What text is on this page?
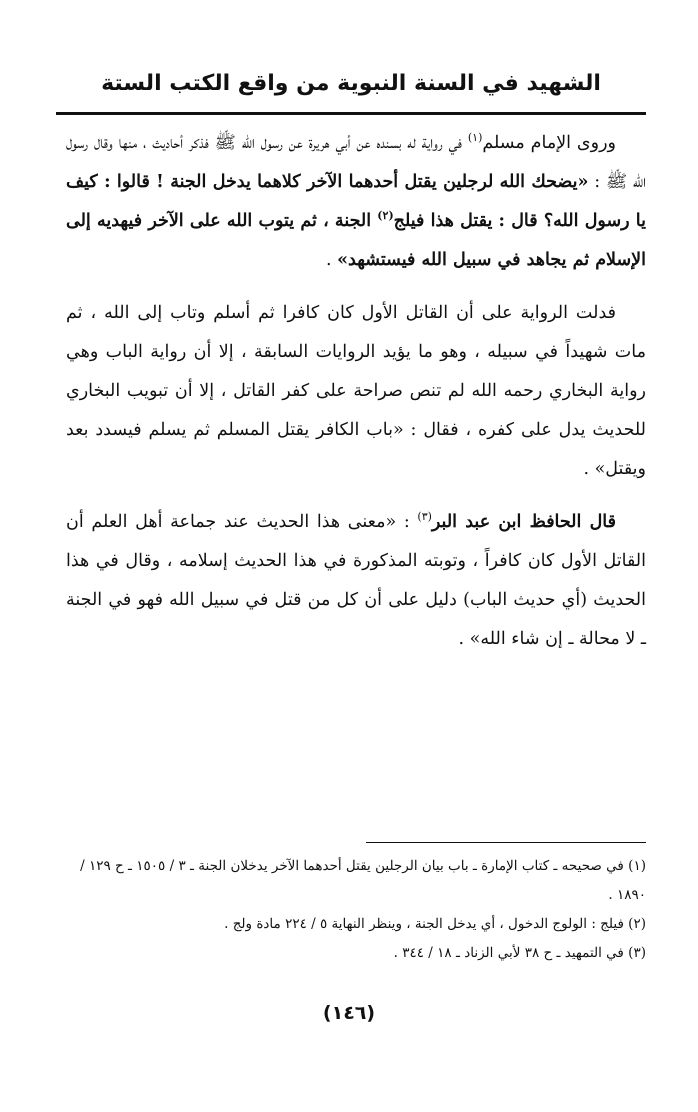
الشهيد في السنة النبوية من واقع الكتب الستة

وروى الإمام مسلم$^{(١)}$ في رواية له بسنده عن أبي هريرة عن رسول الله ﷺ فذكر أحاديث ، منها وقال رسول الله ﷺ : «يضحك الله لرجلين يقتل أحدهما الآخر كلاهما يدخل الجنة ! قالوا : كيف يا رسول الله؟ قال : يقتل هذا فيلج$^{(٢)}$ الجنة ، ثم يتوب الله على الآخر فيهديه إلى الإسلام ثم يجاهد في سبيل الله فيستشهد» .

فدلت الرواية على أن القاتل الأول كان كافرا ثم أسلم وتاب إلى الله ، ثم مات شهيداً في سبيله ، وهو ما يؤيد الروايات السابقة ، إلا أن رواية الباب وهي رواية البخاري رحمه الله لم تنص صراحة على كفر القاتل ، إلا أن تبويب البخاري للحديث يدل على كفره ، فقال : «باب الكافر يقتل المسلم ثم يسلم فيسدد بعد ويقتل» .

قال الحافظ ابن عبد البر$^{(٣)}$ : «معنى هذا الحديث عند جماعة أهل العلم أن القاتل الأول كان كافراً ، وتوبته المذكورة في هذا الحديث إسلامه ، وقال في هذا الحديث (أي حديث الباب) دليل على أن كل من قتل في سبيل الله فهو في الجنة ـ لا محالة ـ إن شاء الله» .

(١) في صحيحه ـ كتاب الإمارة ـ باب بيان الرجلين يقتل أحدهما الآخر يدخلان الجنة ـ ٣ / ١٥٠٥ ـ ح ١٢٩ / ١٨٩٠ .

(٢) فيلج : الولوج الدخول ، أي يدخل الجنة ، وينظر النهاية ٥ / ٢٢٤ مادة ولج .

(٣) في التمهيد ـ ح ٣٨ لأبي الزناد ـ ١٨ / ٣٤٤ .

(١٤٦)
